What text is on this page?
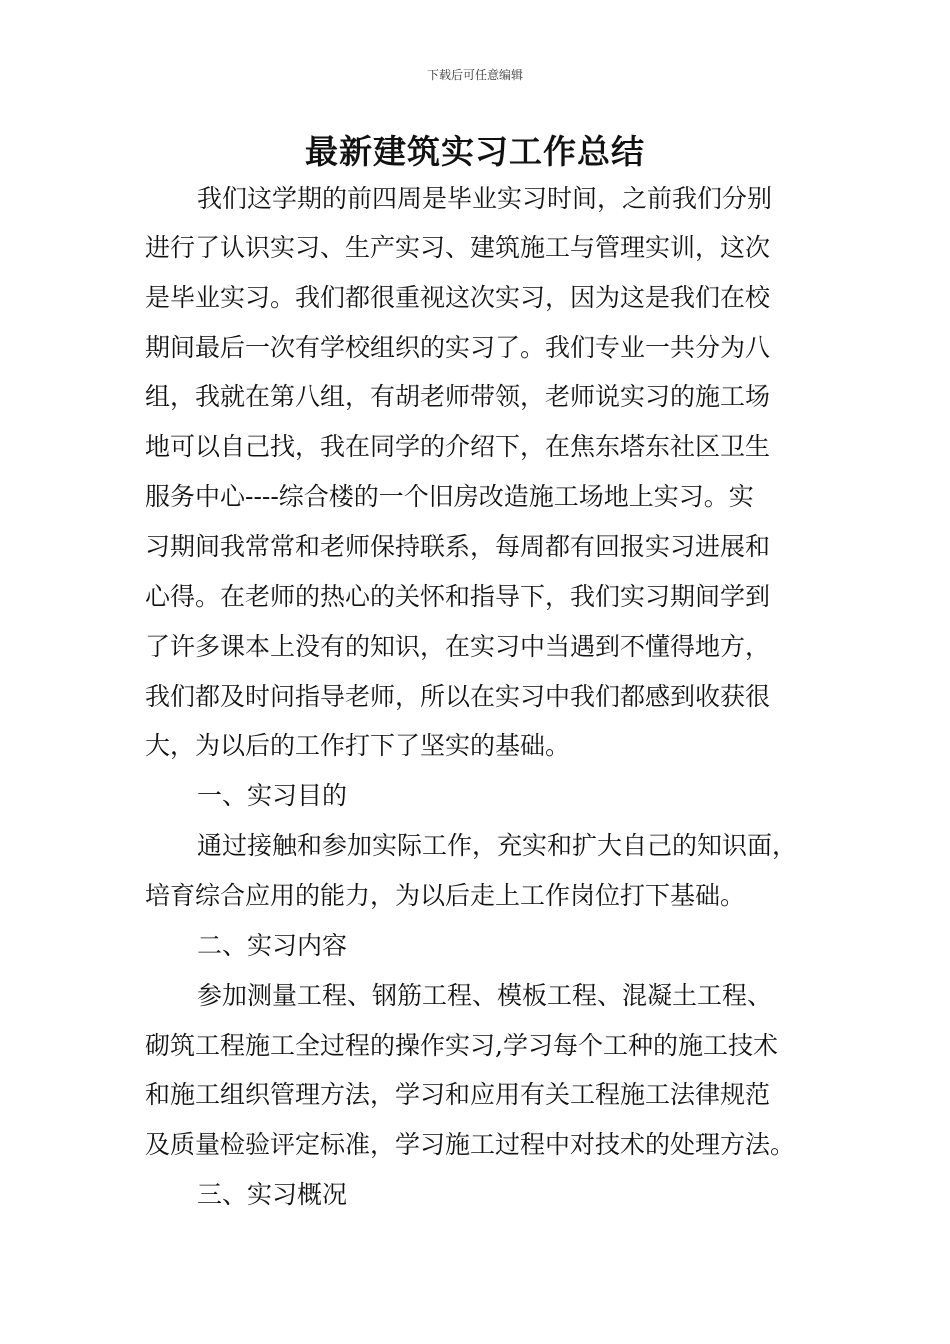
下载后可任意编辑
最新建筑实习工作总结
我们这学期的前四周是毕业实习时间，之前我们分别
进行了认识实习、生产实习、建筑施工与管理实训，这次
是毕业实习。我们都很重视这次实习，因为这是我们在校
期间最后一次有学校组织的实习了。我们专业一共分为八
组，我就在第八组，有胡老师带领，老师说实习的施工场
地可以自己找，我在同学的介绍下，在焦东塔东社区卫生
服务中心----综合楼的一个旧房改造施工场地上实习。实
习期间我常常和老师保持联系，每周都有回报实习进展和
心得。在老师的热心的关怀和指导下，我们实习期间学到
了许多课本上没有的知识，在实习中当遇到不懂得地方，
我们都及时问指导老师，所以在实习中我们都感到收获很
大，为以后的工作打下了坚实的基础。
一、实习目的
通过接触和参加实际工作，充实和扩大自己的知识面，
培育综合应用的能力，为以后走上工作岗位打下基础。
二、实习内容
参加测量工程、钢筋工程、模板工程、混凝土工程、
砌筑工程施工全过程的操作实习,学习每个工种的施工技术
和施工组织管理方法，学习和应用有关工程施工法律规范
及质量检验评定标准，学习施工过程中对技术的处理方法。
三、实习概况
